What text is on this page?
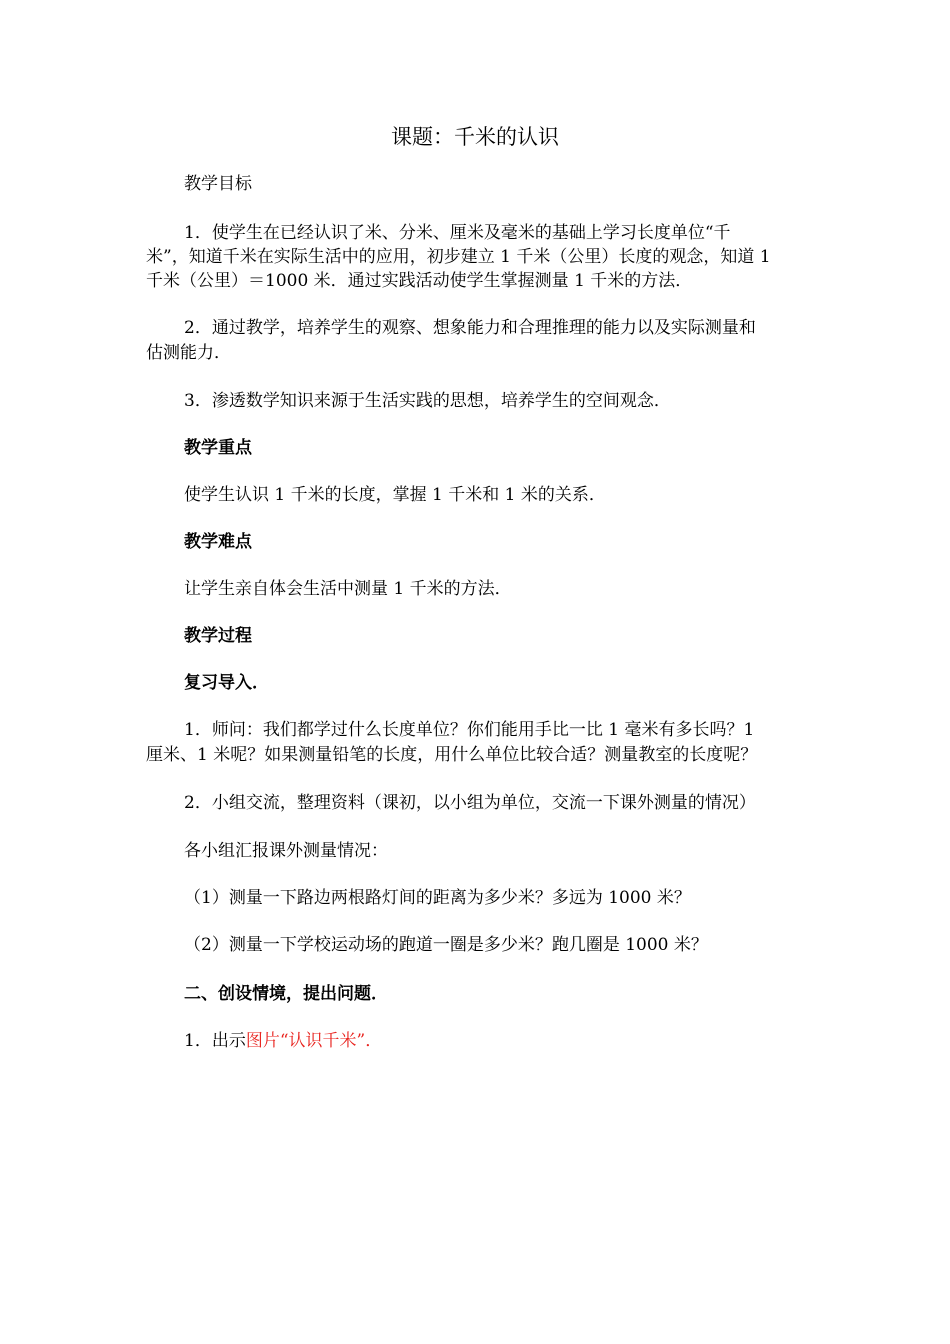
课题：千米的认识
教学目标
1．使学生在已经认识了米、分米、厘米及毫米的基础上学习长度单位“千
米”，知道千米在实际生活中的应用，初步建立 1 千米（公里）长度的观念，知道 1
千米（公里）＝1000 米．通过实践活动使学生掌握测量 1 千米的方法．
2．通过教学，培养学生的观察、想象能力和合理推理的能力以及实际测量和
估测能力．
3．渗透数学知识来源于生活实践的思想，培养学生的空间观念．
教学重点
使学生认识 1 千米的长度，掌握 1 千米和 1 米的关系．
教学难点
让学生亲自体会生活中测量 1 千米的方法．
教学过程
复习导入．
1．师问：我们都学过什么长度单位？你们能用手比一比 1 毫米有多长吗？1
厘米、1 米呢？如果测量铅笔的长度，用什么单位比较合适？测量教室的长度呢？
2．小组交流，整理资料（课初，以小组为单位，交流一下课外测量的情况）
各小组汇报课外测量情况：
（1）测量一下路边两根路灯间的距离为多少米？多远为 1000 米？
（2）测量一下学校运动场的跑道一圈是多少米？跑几圈是 1000 米？
二、创设情境，提出问题．
1．出示图片“认识千米”．
